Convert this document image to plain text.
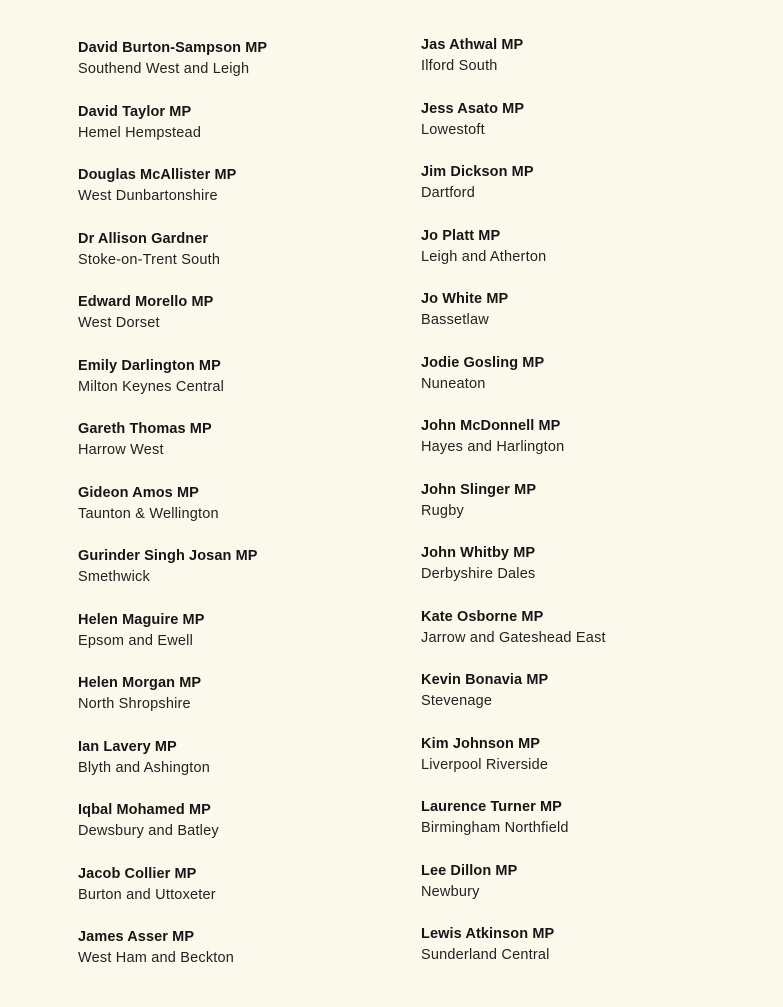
David Burton-Sampson MP
Southend West and Leigh
David Taylor MP
Hemel Hempstead
Douglas McAllister MP
West Dunbartonshire
Dr Allison Gardner
Stoke-on-Trent South
Edward Morello MP
West Dorset
Emily Darlington MP
Milton Keynes Central
Gareth Thomas MP
Harrow West
Gideon Amos MP
Taunton & Wellington
Gurinder Singh Josan MP
Smethwick
Helen Maguire MP
Epsom and Ewell
Helen Morgan MP
North Shropshire
Ian Lavery MP
Blyth and Ashington
Iqbal Mohamed MP
Dewsbury and Batley
Jacob Collier MP
Burton and Uttoxeter
James Asser MP
West Ham and Beckton
Jas Athwal MP
Ilford South
Jess Asato MP
Lowestoft
Jim Dickson MP
Dartford
Jo Platt MP
Leigh and Atherton
Jo White MP
Bassetlaw
Jodie Gosling MP
Nuneaton
John McDonnell MP
Hayes and Harlington
John Slinger MP
Rugby
John Whitby MP
Derbyshire Dales
Kate Osborne MP
Jarrow and Gateshead East
Kevin Bonavia MP
Stevenage
Kim Johnson MP
Liverpool Riverside
Laurence Turner MP
Birmingham Northfield
Lee Dillon MP
Newbury
Lewis Atkinson MP
Sunderland Central
